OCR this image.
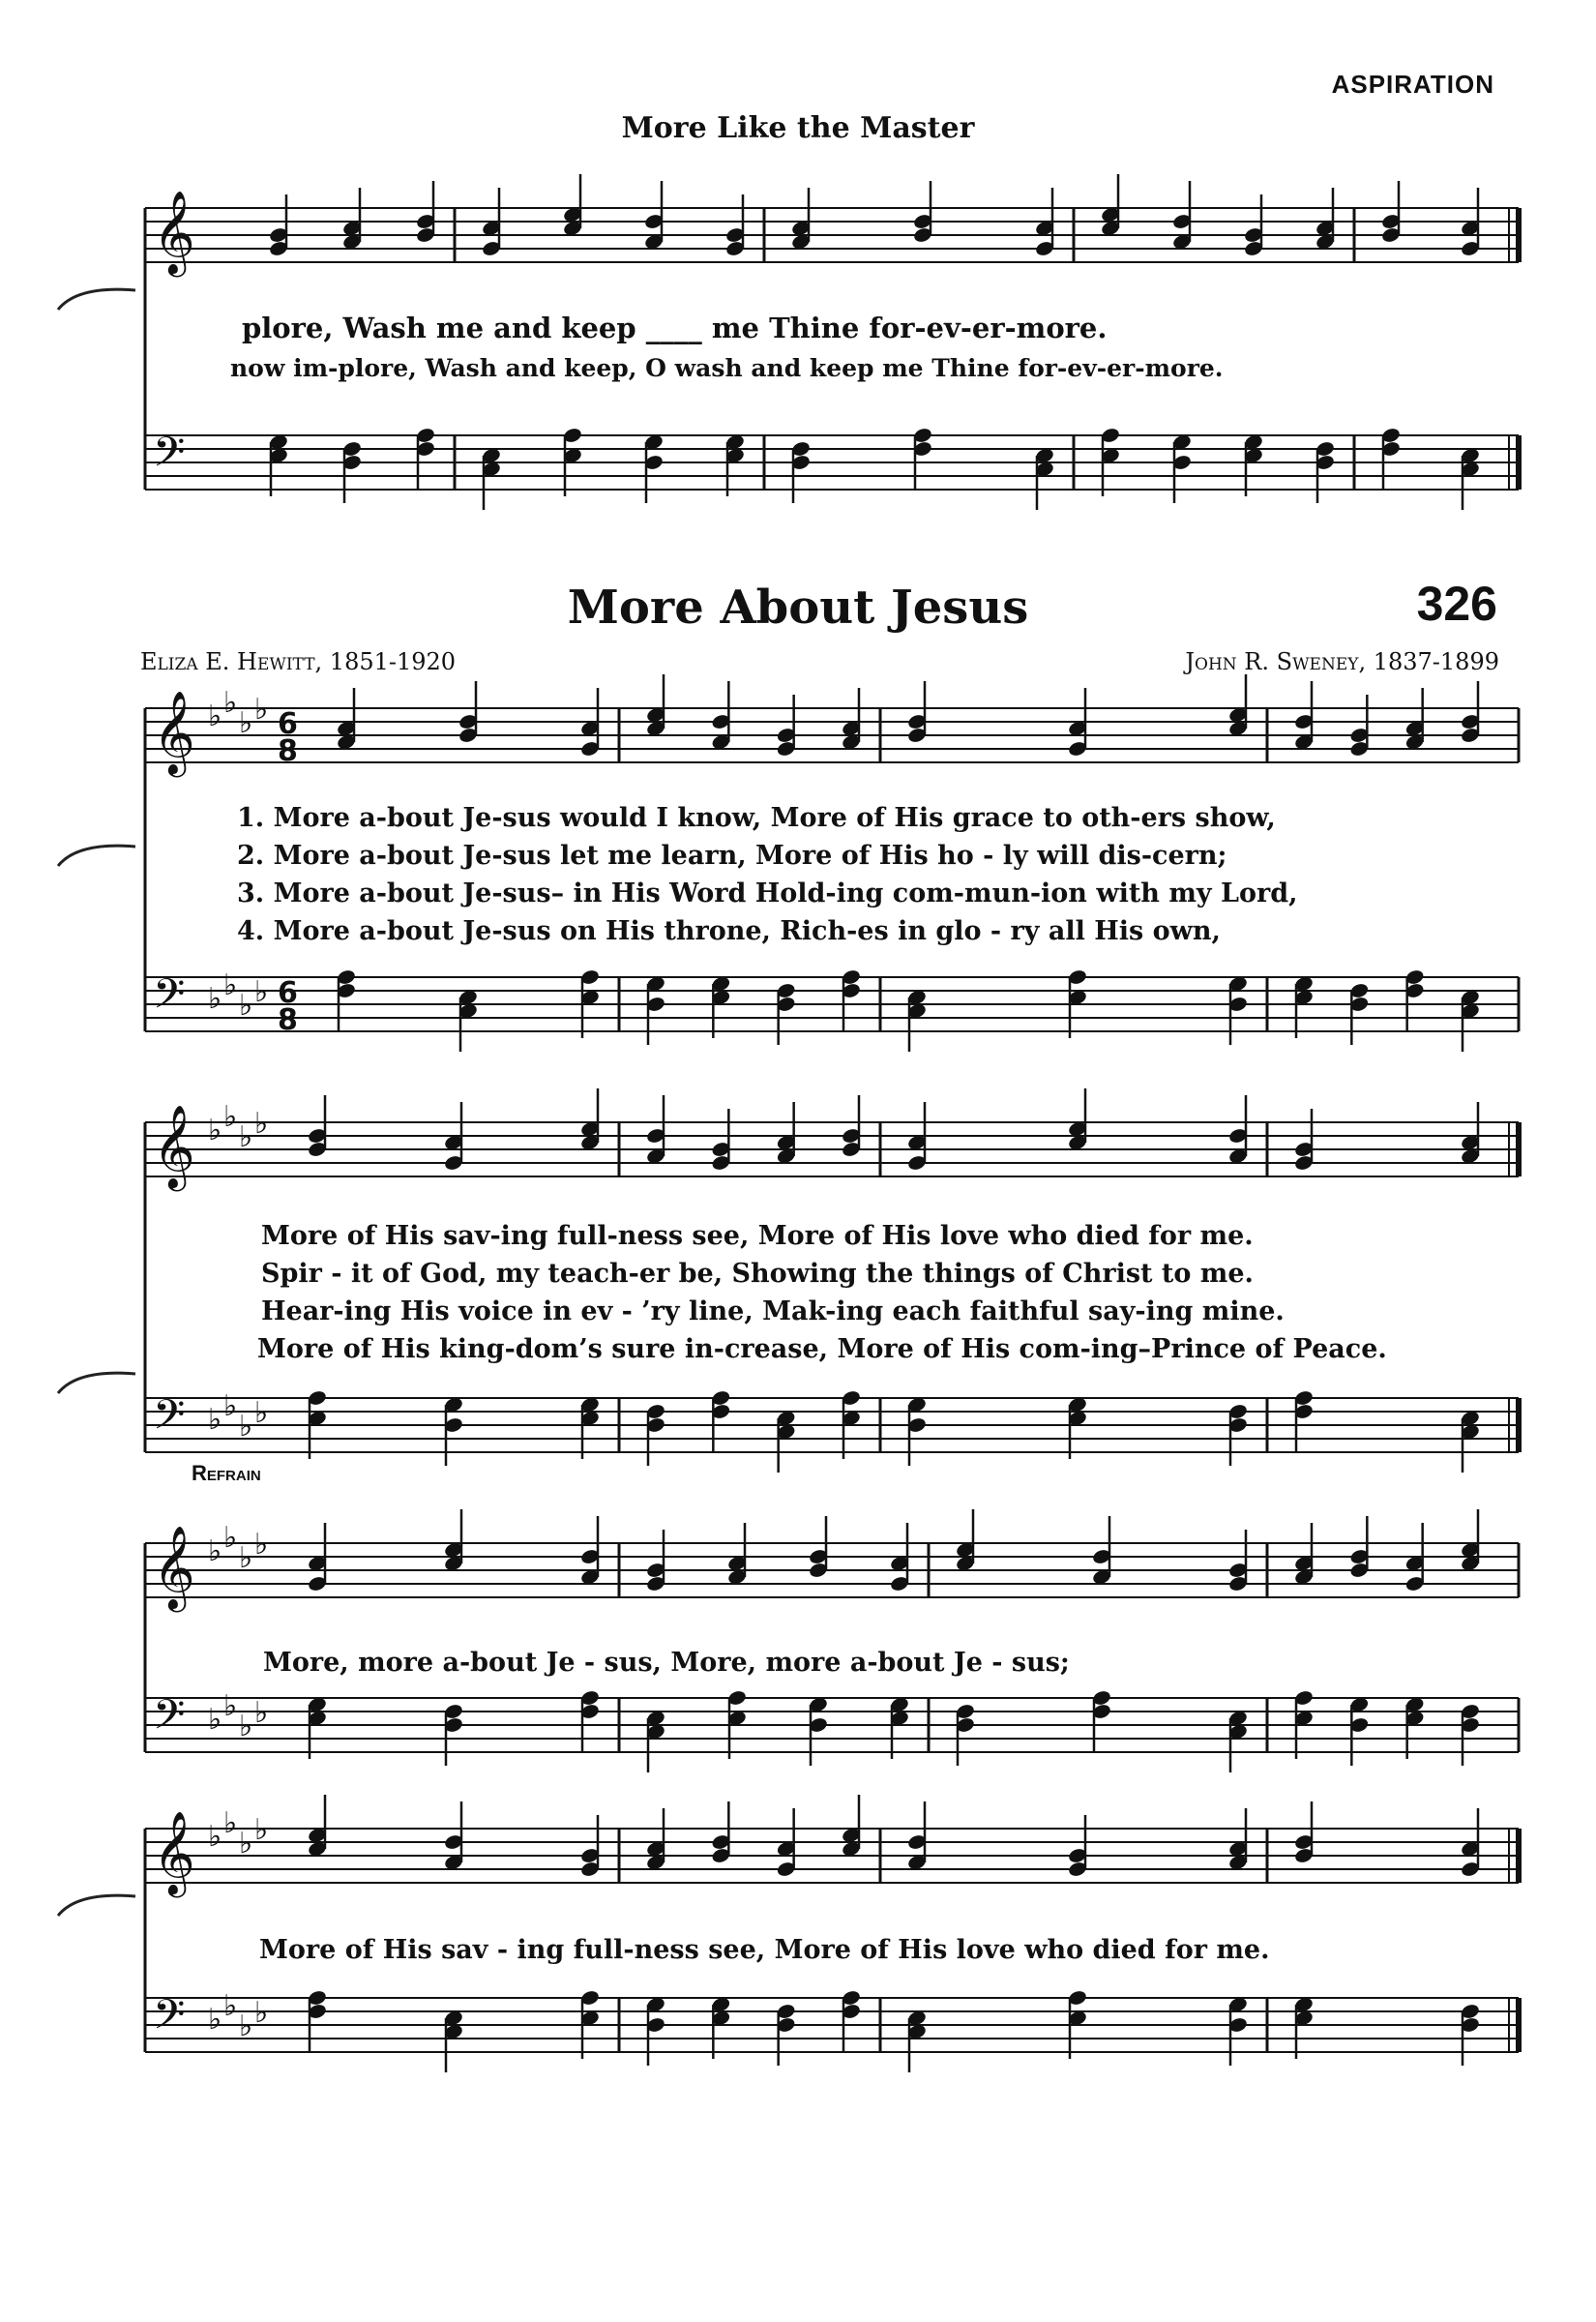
ASPIRATION
More Like the Master
More About Jesus	326
Eliza E. Hewitt, 1851-1920	John R. Sweney, 1837-1899
Refrain
𝄞
𝄢
𝄞 ♭ ♭
♭ ♭ 6
8
𝄢 ♭ ♭
♭ ♭ 6
8
𝄞 ♭ ♭
♭ ♭
𝄢 ♭ ♭
♭ ♭
𝄞 ♭ ♭
♭ ♭
𝄢 ♭ ♭
♭ ♭
𝄞 ♭ ♭
♭ ♭
𝄢 ♭ ♭
♭ ♭
plore, Wash me and keep ____ me Thine for-ev-er-more.
now im-plore, Wash and keep, O wash and keep me Thine for-ev-er-more.
1. More a-bout Je-sus would I know, More of His grace to oth-ers show,
2. More a-bout Je-sus let me learn, More of His ho - ly will dis-cern;
3. More a-bout Je-sus– in His Word Hold-ing com-mun-ion with my Lord,
4. More a-bout Je-sus on His throne, Rich-es in glo - ry all His own,
More of His sav-ing full-ness see, More of His love who died for me.
Spir - it of God, my teach-er be, Showing the things of Christ to me.
Hear-ing His voice in ev - ’ry line, Mak-ing each faithful say-ing mine.
More of His king-dom’s sure in-crease, More of His com-ing–Prince of Peace.
More, more a-bout Je - sus, More, more a-bout Je - sus;
More of His sav - ing full-ness see, More of His love who died for me.
